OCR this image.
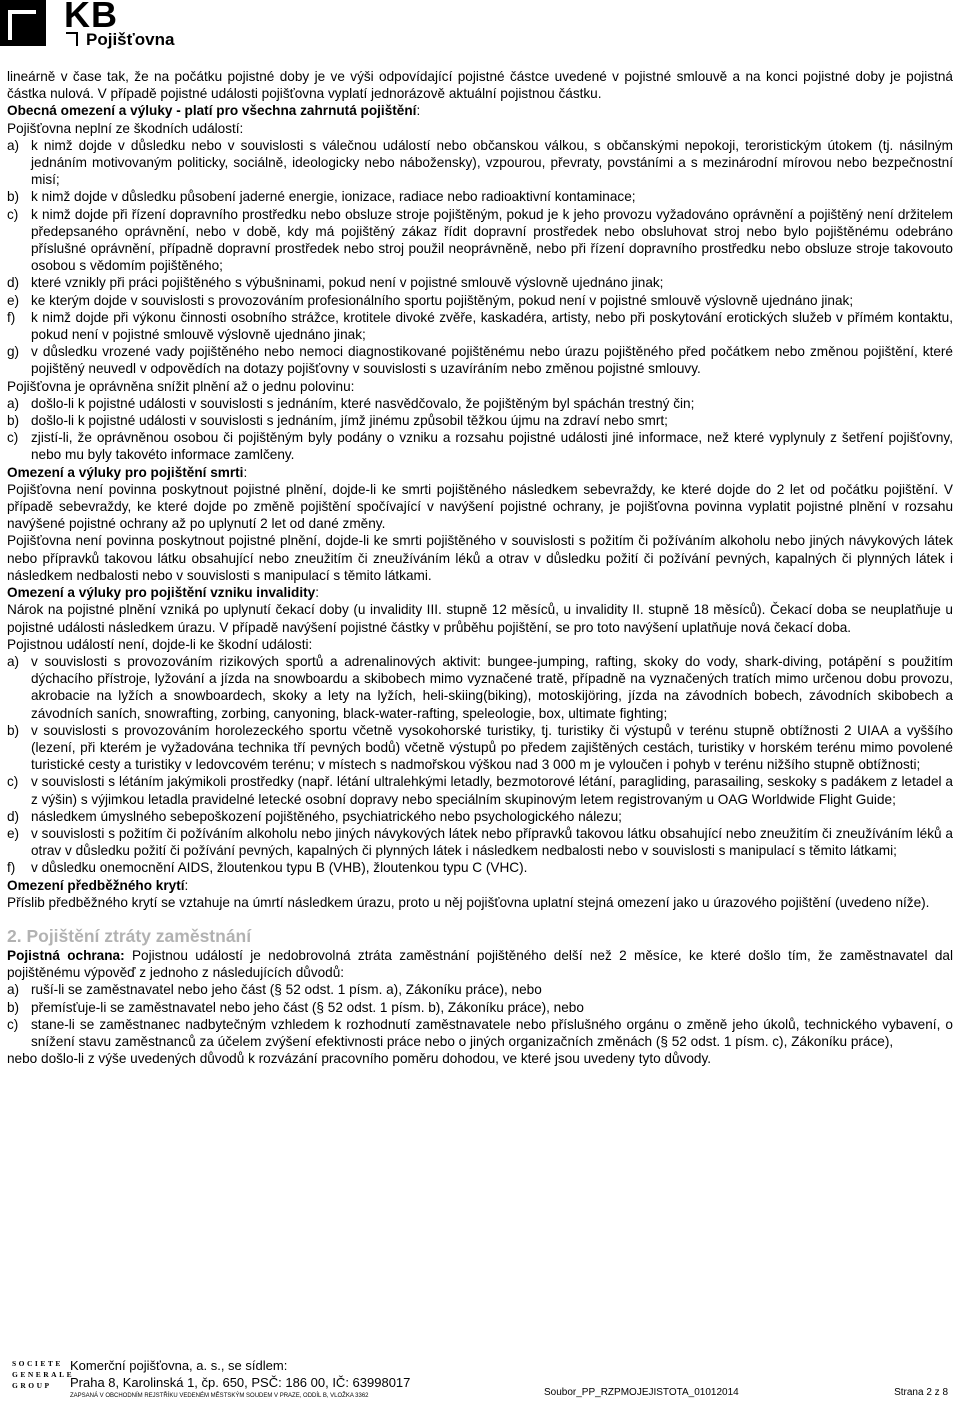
KB
Pojišťovna

lineárně v čase tak, že na počátku pojistné doby je ve výši odpovídající pojistné částce uvedené v pojistné smlouvě a na konci pojistné doby je pojistná částka nulová. V případě pojistné události pojišťovna vyplatí jednorázově aktuální pojistnou částku.

Obecná omezení a výluky - platí pro všechna zahrnutá pojištění:

Pojišťovna neplní ze škodních událostí:

a) k nimž dojde v důsledku nebo v souvislosti s válečnou událostí nebo občanskou válkou, s občanskými nepokoji, teroristickým útokem (tj. násilným jednáním motivovaným politicky, sociálně, ideologicky nebo nábožensky), vzpourou, převraty, povstáními a s mezinárodní mírovou nebo bezpečnostní misí;
b) k nimž dojde v důsledku působení jaderné energie, ionizace, radiace nebo radioaktivní kontaminace;
c) k nimž dojde při řízení dopravního prostředku nebo obsluze stroje pojištěným, pokud je k jeho provozu vyžadováno oprávnění a pojištěný není držitelem předepsaného oprávnění, nebo v době, kdy má pojištěný zákaz řídit dopravní prostředek nebo obsluhovat stroj nebo bylo pojištěnému odebráno příslušné oprávnění, případně dopravní prostředek nebo stroj použil neoprávněně, nebo při řízení dopravního prostředku nebo obsluze stroje takovouto osobou s vědomím pojištěného;
d) které vznikly při práci pojištěného s výbušninami, pokud není v pojistné smlouvě výslovně ujednáno jinak;
e) ke kterým dojde v souvislosti s provozováním profesionálního sportu pojištěným, pokud není v pojistné smlouvě výslovně ujednáno jinak;
f)	k nimž dojde při výkonu činnosti osobního strážce, krotitele divoké zvěře, kaskadéra, artisty, nebo při poskytování erotických služeb v přímém kontaktu, pokud není v pojistné smlouvě výslovně ujednáno jinak;
g) v důsledku vrozené vady pojištěného nebo nemoci diagnostikované pojištěnému nebo úrazu pojištěného před počátkem nebo změnou pojištění, které pojištěný neuvedl v odpovědích na dotazy pojišťovny v souvislosti s uzavíráním nebo změnou pojistné smlouvy.

Pojišťovna je oprávněna snížit plnění až o jednu polovinu:

a) došlo-li k pojistné události v souvislosti s jednáním, které nasvědčovalo, že pojištěným byl spáchán trestný čin;
b) došlo-li k pojistné události v souvislosti s jednáním, jímž jinému způsobil těžkou újmu na zdraví nebo smrt;
c) zjistí-li, že oprávněnou osobou či pojištěným byly podány o vzniku a rozsahu pojistné události jiné informace, než které vyplynuly z šetření pojišťovny, nebo mu byly takovéto informace zamlčeny.

Omezení a výluky pro pojištění smrti:

Pojišťovna není povinna poskytnout pojistné plnění, dojde-li ke smrti pojištěného následkem sebevraždy, ke které dojde do 2 let od počátku pojištění. V případě sebevraždy, ke které dojde po změně pojištění spočívající v navýšení pojistné ochrany, je pojišťovna povinna vyplatit pojistné plnění v rozsahu navýšené pojistné ochrany až po uplynutí 2 let od dané změny.

Pojišťovna není povinna poskytnout pojistné plnění, dojde-li ke smrti pojištěného v souvislosti s požitím či požíváním alkoholu nebo jiných návykových látek nebo přípravků takovou látku obsahující nebo zneužitím či zneužíváním léků a otrav v důsledku požití či požívání pevných, kapalných či plynných látek i následkem nedbalosti nebo v souvislosti s manipulací s těmito látkami.

Omezení a výluky pro pojištění vzniku invalidity:

Nárok na pojistné plnění vzniká po uplynutí čekací doby (u invalidity III. stupně 12 měsíců, u invalidity II. stupně 18 měsíců). Čekací doba se neuplatňuje u pojistné události následkem úrazu. V případě navýšení pojistné částky v průběhu pojištění, se pro toto navýšení uplatňuje nová čekací doba.

Pojistnou událostí není, dojde-li ke škodní události:

a) v souvislosti s provozováním rizikových sportů a adrenalinových aktivit: bungee-jumping, rafting, skoky do vody, shark-diving, potápění s použitím dýchacího přístroje, lyžování a jízda na snowboardu a skibobech mimo vyznačené tratě, případně na vyznačených tratích mimo určenou dobu provozu, akrobacie na lyžích a snowboardech, skoky a lety na lyžích, heli-skiing(biking), motoskijöring, jízda na závodních bobech, závodních skibobech a závodních saních, snowrafting, zorbing, canyoning, black-water-rafting, speleologie, box, ultimate fighting;
b) v souvislosti s provozováním horolezeckého sportu včetně vysokohorské turistiky, tj. turistiky či výstupů v terénu stupně obtížnosti 2 UIAA a vyššího (lezení, při kterém je vyžadována technika tří pevných bodů) včetně výstupů po předem zajištěných cestách, turistiky v horském terénu mimo povolené turistické cesty a turistiky v ledovcovém terénu; v místech s nadmořskou výškou nad 3 000 m je vyloučen i pohyb v terénu nižšího stupně obtížnosti;
c) v souvislosti s létáním jakýmikoli prostředky (např. létání ultralehkými letadly, bezmotorové létání, paragliding, parasailing, seskoky s padákem z letadel a z výšin) s výjimkou letadla pravidelné letecké osobní dopravy nebo speciálním skupinovým letem registrovaným u OAG Worldwide Flight Guide;
d) následkem úmyslného sebepoškození pojištěného, psychiatrického nebo psychologického nálezu;
e) v souvislosti s požitím či požíváním alkoholu nebo jiných návykových látek nebo přípravků takovou látku obsahující nebo zneužitím či zneužíváním léků a otrav v důsledku požití či požívání pevných, kapalných či plynných látek i následkem nedbalosti nebo v souvislosti s manipulací s těmito látkami;
f)	v důsledku onemocnění AIDS, žloutenkou typu B (VHB), žloutenkou typu C (VHC).

Omezení předběžného krytí:

Příslib předběžného krytí se vztahuje na úmrtí následkem úrazu, proto u něj pojišťovna uplatní stejná omezení jako u úrazového pojištění (uvedeno níže).

2. Pojištění ztráty zaměstnání

Pojistná ochrana: Pojistnou událostí je nedobrovolná ztráta zaměstnání pojištěného delší než 2 měsíce, ke které došlo tím, že zaměstnavatel dal pojištěnému výpověď z jednoho z následujících důvodů:

a) ruší-li se zaměstnavatel nebo jeho část (§ 52 odst. 1 písm. a), Zákoníku práce), nebo
b) přemísťuje-li se zaměstnavatel nebo jeho část (§ 52 odst. 1 písm. b), Zákoníku práce), nebo
c) stane-li se zaměstnanec nadbytečným vzhledem k rozhodnutí zaměstnavatele nebo příslušného orgánu o změně jeho úkolů, technického vybavení, o snížení stavu zaměstnanců za účelem zvýšení efektivnosti práce nebo o jiných organizačních změnách (§ 52 odst. 1 písm. c), Zákoníku práce),

nebo došlo-li z výše uvedených důvodů k rozvázání pracovního poměru dohodou, ve které jsou uvedeny tyto důvody.

SOCIETE
GENERALE
GROUP
Komerční pojišťovna, a. s., se sídlem:
Praha 8, Karolinská 1, čp. 650, PSČ: 186 00, IČ: 63998017
ZAPSANÁ V OBCHODNÍM REJSTŘÍKU VEDENÉM MĚSTSKÝM SOUDEM V PRAZE, ODDÍL B, VLOŽKA 3362	Soubor_PP_RZPMOJEJISTOTA_01012014	Strana 2 z 8
